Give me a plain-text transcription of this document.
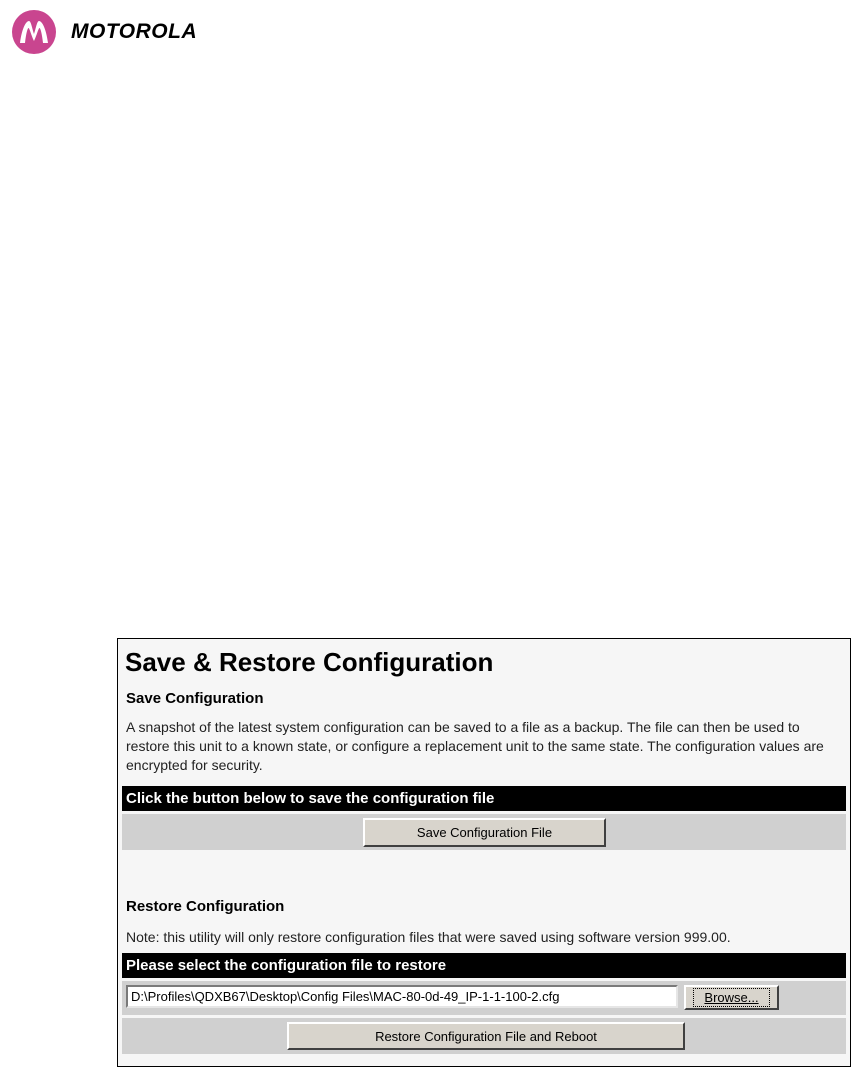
MOTOROLA
Save & Restore Configuration
Save Configuration
A snapshot of the latest system configuration can be saved to a file as a backup. The file can then be used to restore this unit to a known state, or configure a replacement unit to the same state. The configuration values are encrypted for security.
Click the button below to save the configuration file
Save Configuration File
Restore Configuration
Note: this utility will only restore configuration files that were saved using software version 999.00.
Please select the configuration file to restore
D:\Profiles\QDXB67\Desktop\Config Files\MAC-80-0d-49_IP-1-1-100-2.cfg
Browse...
Restore Configuration File and Reboot
